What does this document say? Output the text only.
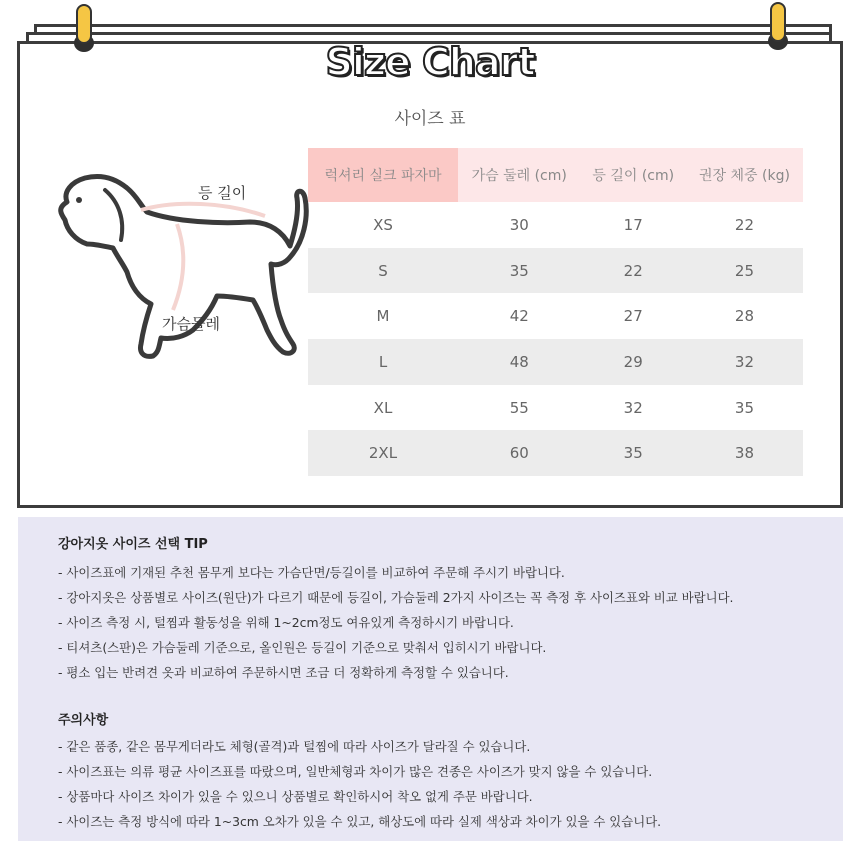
Size Chart
사이즈 표
등 길이
가슴둘레
럭셔리 실크 파자마	가슴 둘레 (cm)	등 길이 (cm)	권장 체중 (kg)
XS	30	17	22
S	35	22	25
M	42	27	28
L	48	29	32
XL	55	32	35
2XL	60	35	38
강아지옷 사이즈 선택 TIP
- 사이즈표에 기재된 추천 몸무게 보다는 가슴단면/등길이를 비교하여 주문해 주시기 바랍니다.
- 강아지옷은 상품별로 사이즈(원단)가 다르기 때문에 등길이, 가슴둘레 2가지 사이즈는 꼭 측정 후 사이즈표와 비교 바랍니다.
- 사이즈 측정 시, 털찜과 활동성을 위해 1~2cm정도 여유있게 측정하시기 바랍니다.
- 티셔츠(스판)은 가슴둘레 기준으로, 올인원은 등길이 기준으로 맞춰서 입히시기 바랍니다.
- 평소 입는 반려견 옷과 비교하여 주문하시면 조금 더 정확하게 측정할 수 있습니다.
주의사항
- 같은 품종, 같은 몸무게더라도 체형(골격)과 털찜에 따라 사이즈가 달라질 수 있습니다.
- 사이즈표는 의류 평균 사이즈표를 따랐으며, 일반체형과 차이가 많은 견종은 사이즈가 맞지 않을 수 있습니다.
- 상품마다 사이즈 차이가 있을 수 있으니 상품별로 확인하시어 착오 없게 주문 바랍니다.
- 사이즈는 측정 방식에 따라 1~3cm 오차가 있을 수 있고, 해상도에 따라 실제 색상과 차이가 있을 수 있습니다.
